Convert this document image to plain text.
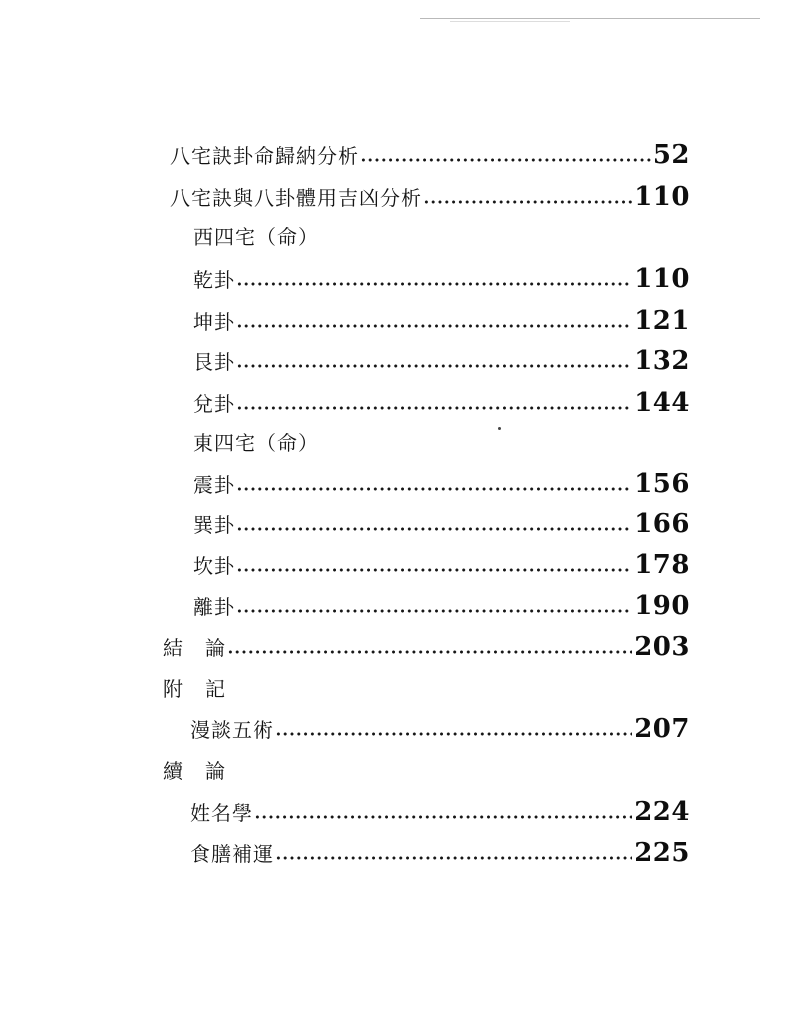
八宅訣卦命歸納分析	52
八宅訣與八卦體用吉凶分析	110
西四宅（命）
乾卦	110
坤卦	121
艮卦	132
兌卦	144
東四宅（命）
震卦	156
巽卦	166
坎卦	178
離卦	190
結　論	203
附　記
漫談五術	207
續　論
姓名學	224
食膳補運	225
